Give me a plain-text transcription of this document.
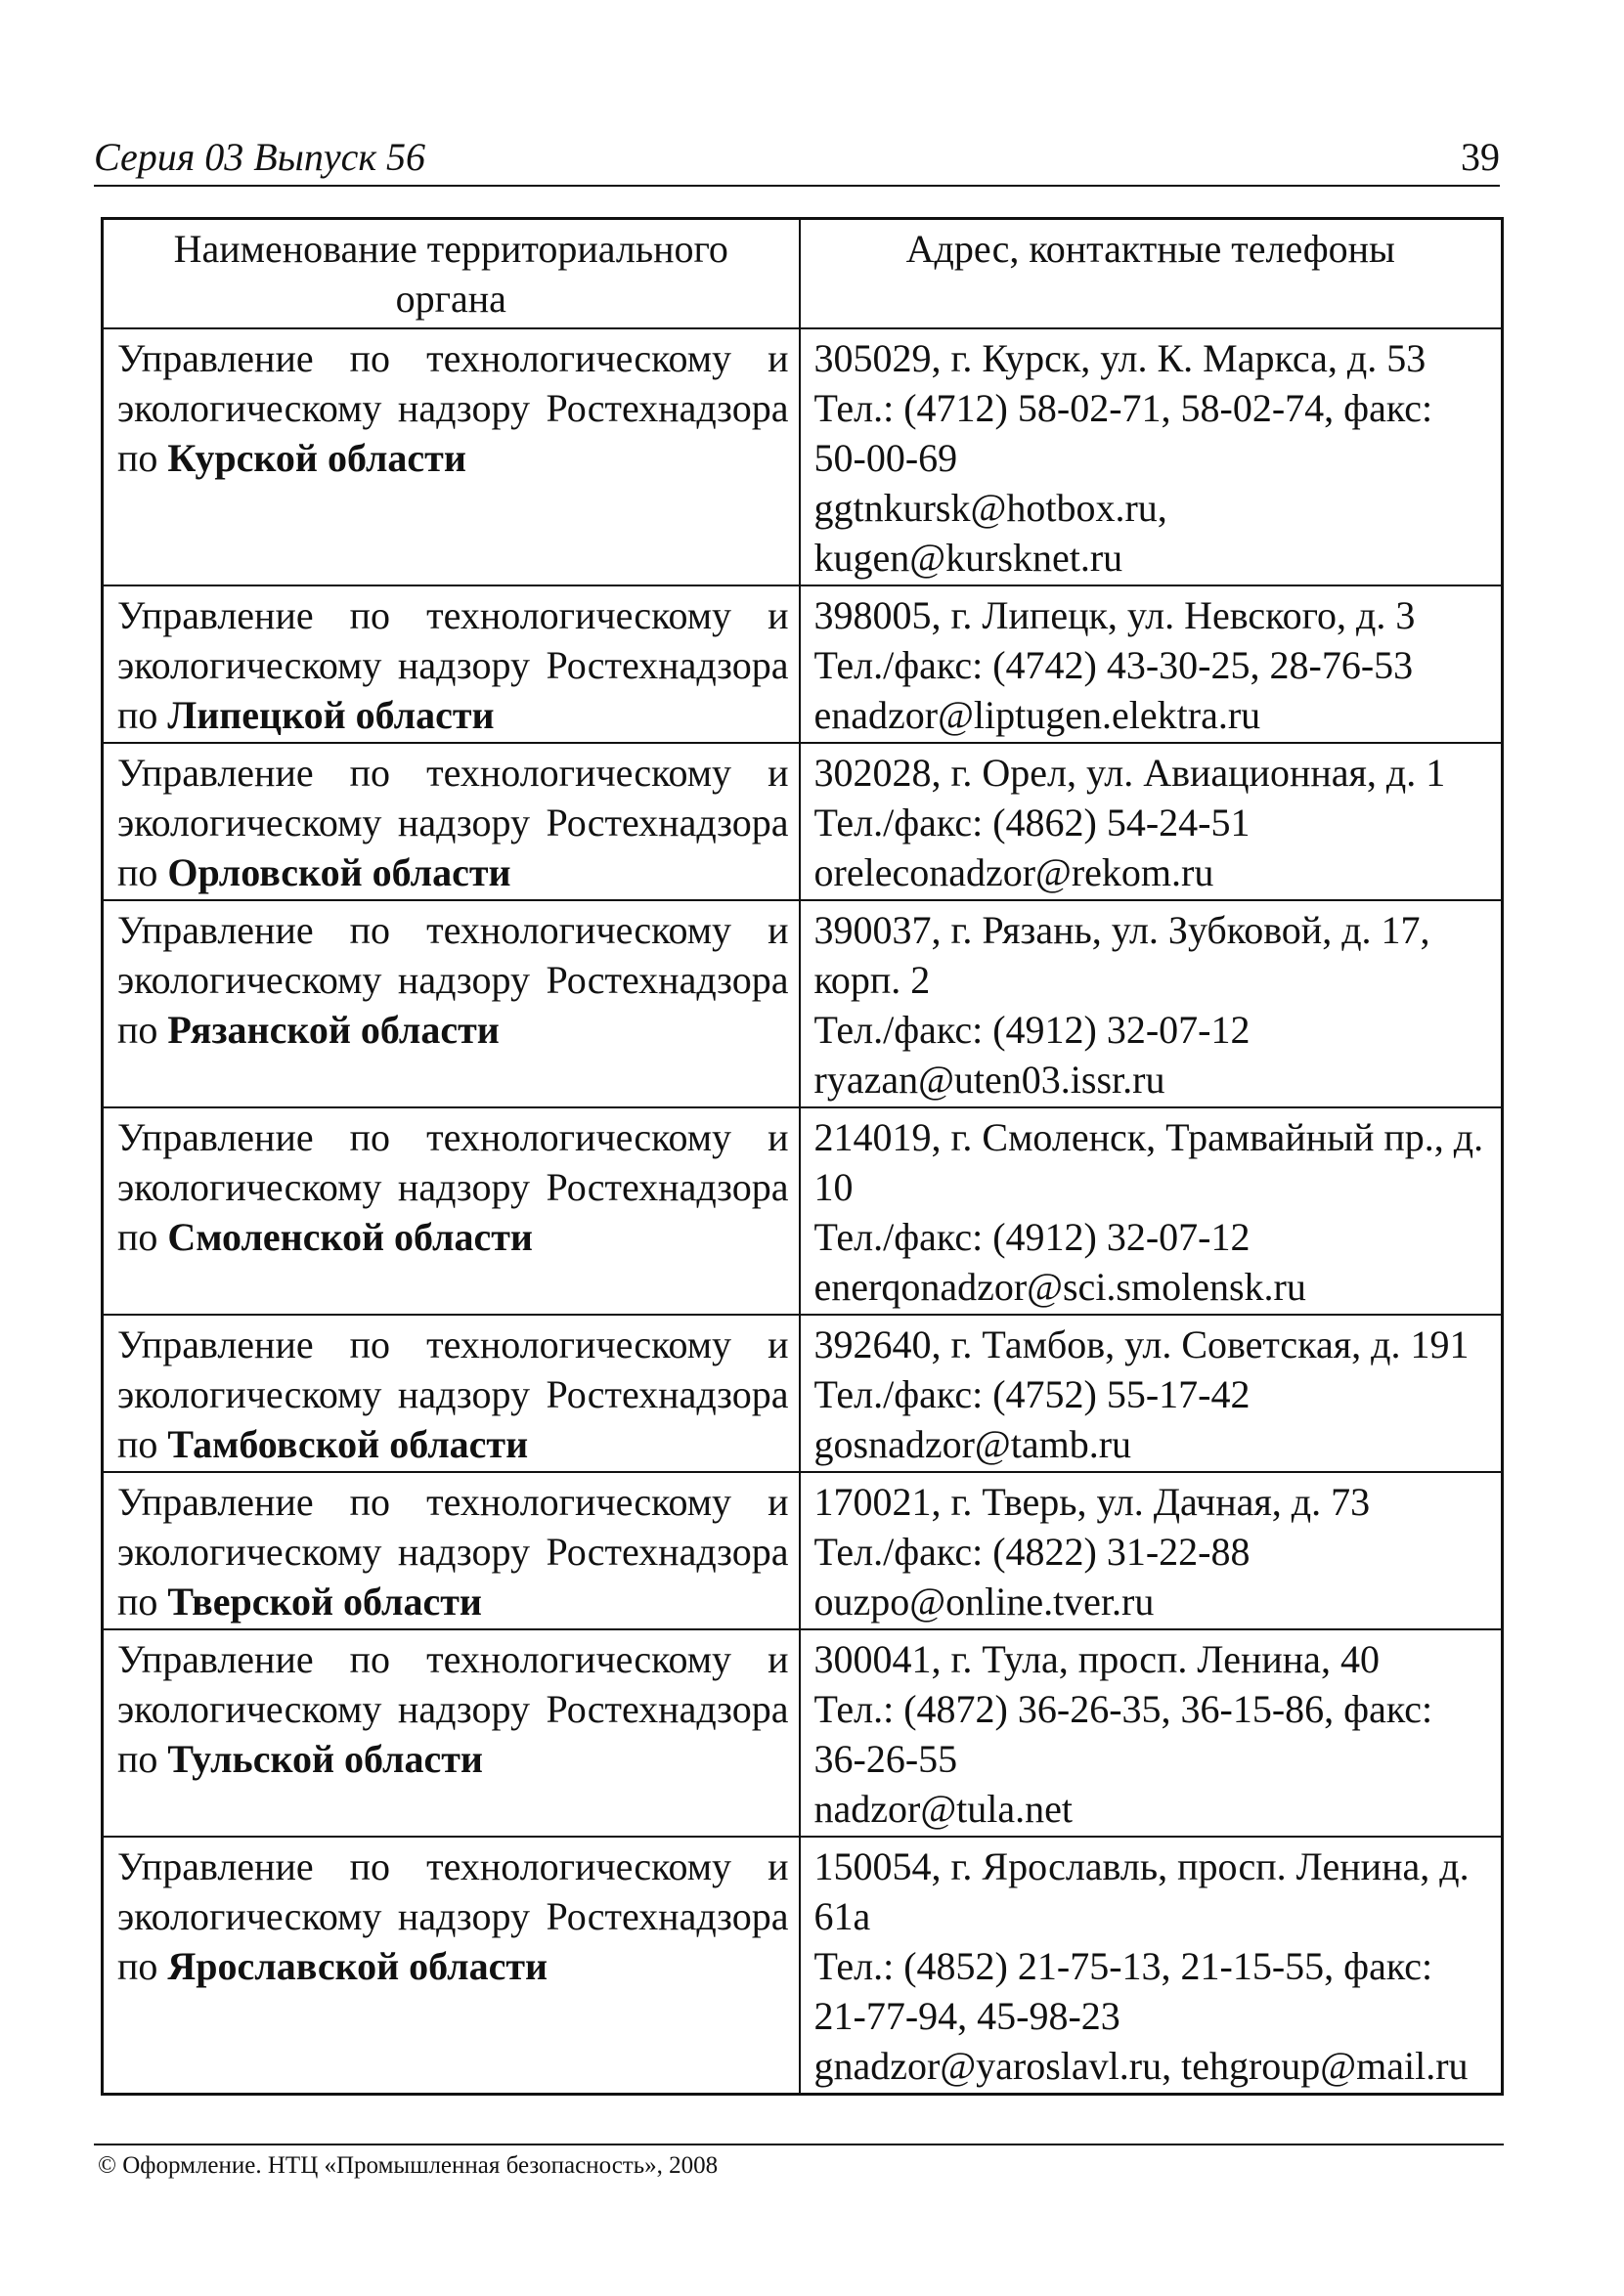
Серия 03 Выпуск 56	39
Наименование территориального органа	Адрес, контактные телефоны

Управление по технологическому и экологическому надзору Ростехнадзора по Курской области	305029, г. Курск, ул. К. Маркса, д. 53
Тел.: (4712) 58-02-71, 58-02-74, факс: 50-00-69
ggtnkursk@hotbox.ru,
kugen@kursknet.ru

Управление по технологическому и экологическому надзору Ростехнадзора по Липецкой области	398005, г. Липецк, ул. Невского, д. 3
Тел./факс: (4742) 43-30-25, 28-76-53
enadzor@liptugen.elektra.ru

Управление по технологическому и экологическому надзору Ростехнадзора по Орловской области	302028, г. Орел, ул. Авиационная, д. 1
Тел./факс: (4862) 54-24-51
oreleconadzor@rekom.ru

Управление по технологическому и экологическому надзору Ростехнадзора по Рязанской области	390037, г. Рязань, ул. Зубковой, д. 17, корп. 2
Тел./факс: (4912) 32-07-12
ryazan@uten03.issr.ru

Управление по технологическому и экологическому надзору Ростехнадзора по Смоленской области	214019, г. Смоленск, Трамвайный пр., д. 10
Тел./факс: (4912) 32-07-12
enerqonadzor@sci.smolensk.ru

Управление по технологическому и экологическому надзору Ростехнадзора по Тамбовской области	392640, г. Тамбов, ул. Советская, д. 191
Тел./факс: (4752) 55-17-42
gosnadzor@tamb.ru

Управление по технологическому и экологическому надзору Ростехнадзора по Тверской области	170021, г. Тверь, ул. Дачная, д. 73
Тел./факс: (4822) 31-22-88
ouzpo@online.tver.ru

Управление по технологическому и экологическому надзору Ростехнадзора по Тульской области	300041, г. Тула, просп. Ленина, 40
Тел.: (4872) 36-26-35, 36-15-86, факс: 36-26-55
nadzor@tula.net

Управление по технологическому и экологическому надзору Ростехнадзора по Ярославской области	150054, г. Ярославль, просп. Ленина, д. 61а
Тел.: (4852) 21-75-13, 21-15-55, факс: 21-77-94, 45-98-23
gnadzor@yaroslavl.ru, tehgroup@mail.ru
© Оформление. НТЦ «Промышленная безопасность», 2008
